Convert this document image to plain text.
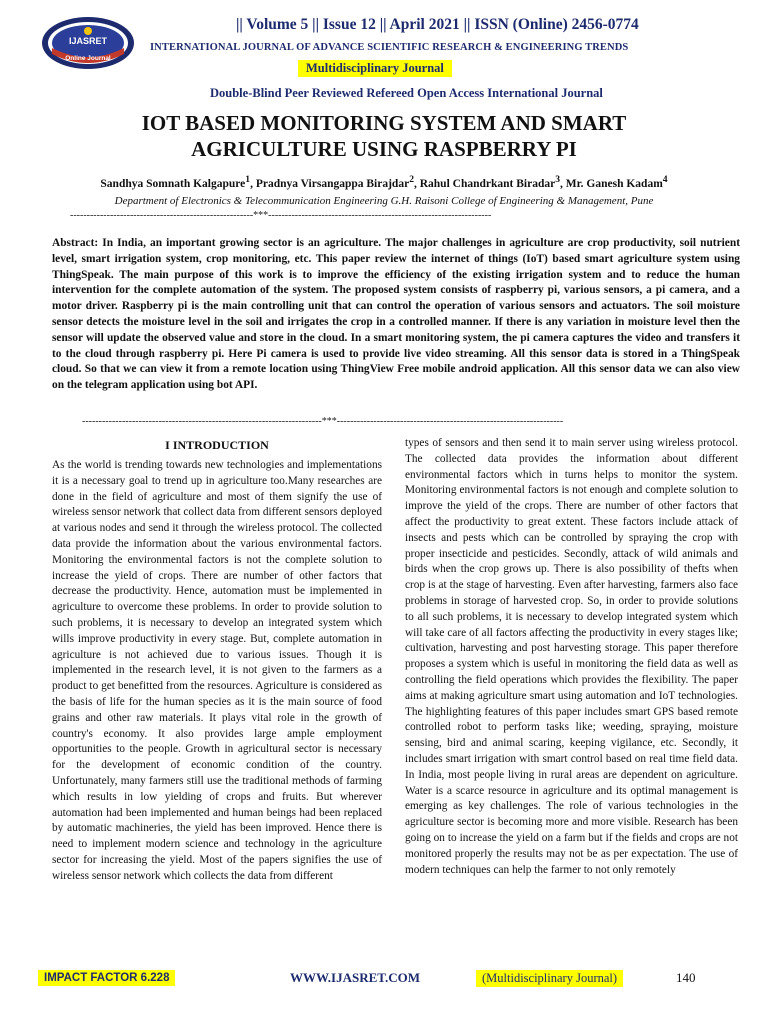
IJASRET
Online Journal
|| Volume 5 || Issue 12 || April 2021 || ISSN (Online) 2456-0774
INTERNATIONAL JOURNAL OF ADVANCE SCIENTIFIC RESEARCH & ENGINEERING TRENDS
Multidisciplinary Journal
Double-Blind Peer Reviewed Refereed Open Access International Journal
IOT BASED MONITORING SYSTEM AND SMART
AGRICULTURE USING RASPBERRY PI
Sandhya Somnath Kalgapure$^1$, Pradnya Virsangappa Birajdar$^2$, Rahul Chandrkant Biradar$^3$, Mr. Ganesh Kadam$^4$
Department of Electronics & Telecommunication Engineering G.H. Raisoni College of Engineering & Management, Pune
-------------------------------------------------------***-------------------------------------------------------------------
Abstract: In India, an important growing sector is an agriculture. The major challenges in agriculture are crop productivity, soil nutrient level, smart irrigation system, crop monitoring, etc. This paper review the internet of things (IoT) based smart agriculture system using ThingSpeak. The main purpose of this work is to improve the efficiency of the existing irrigation system and to reduce the human intervention for the complete automation of the system. The proposed system consists of raspberry pi, various sensors, a pi camera, and a motor driver. Raspberry pi is the main controlling unit that can control the operation of various sensors and actuators. The soil moisture sensor detects the moisture level in the soil and irrigates the crop in a controlled manner. If there is any variation in moisture level then the sensor will update the observed value and store in the cloud. In a smart monitoring system, the pi camera captures the video and transfers it to the cloud through raspberry pi. Here Pi camera is used to provide live video streaming. All this sensor data is stored in a ThingSpeak cloud. So that we can view it from a remote location using ThingView Free mobile android application. All this sensor data we can also view on the telegram application using bot API.
------------------------------------------------------------------------***--------------------------------------------------------------------
I INTRODUCTION

As the world is trending towards new technologies and implementations it is a necessary goal to trend up in agriculture too.Many researches are done in the field of agriculture and most of them signify the use of wireless sensor network that collect data from different sensors deployed at various nodes and send it through the wireless protocol. The collected data provide the information about the various environmental factors. Monitoring the environmental factors is not the complete solution to increase the yield of crops. There are number of other factors that decrease the productivity. Hence, automation must be implemented in agriculture to overcome these problems. In order to provide solution to such problems, it is necessary to develop an integrated system which wills improve productivity in every stage. But, complete automation in agriculture is not achieved due to various issues. Though it is implemented in the research level, it is not given to the farmers as a product to get benefitted from the resources. Agriculture is considered as the basis of life for the human species as it is the main source of food grains and other raw materials. It plays vital role in the growth of country's economy. It also provides large ample employment opportunities to the people. Growth in agricultural sector is necessary for the development of economic condition of the country. Unfortunately, many farmers still use the traditional methods of farming which results in low yielding of crops and fruits. But wherever automation had been implemented and human beings had been replaced by automatic machineries, the yield has been improved. Hence there is need to implement modern science and technology in the agriculture sector for increasing the yield. Most of the papers signifies the use of wireless sensor network which collects the data from different

types of sensors and then send it to main server using wireless protocol. The collected data provides the information about different environmental factors which in turns helps to monitor the system. Monitoring environmental factors is not enough and complete solution to improve the yield of the crops. There are number of other factors that affect the productivity to great extent. These factors include attack of insects and pests which can be controlled by spraying the crop with proper insecticide and pesticides. Secondly, attack of wild animals and birds when the crop grows up. There is also possibility of thefts when crop is at the stage of harvesting. Even after harvesting, farmers also face problems in storage of harvested crop. So, in order to provide solutions to all such problems, it is necessary to develop integrated system which will take care of all factors affecting the productivity in every stages like; cultivation, harvesting and post harvesting storage. This paper therefore proposes a system which is useful in monitoring the field data as well as controlling the field operations which provides the flexibility. The paper aims at making agriculture smart using automation and IoT technologies. The highlighting features of this paper includes smart GPS based remote controlled robot to perform tasks like; weeding, spraying, moisture sensing, bird and animal scaring, keeping vigilance, etc. Secondly, it includes smart irrigation with smart control based on real time field data. In India, most people living in rural areas are dependent on agriculture. Water is a scarce resource in agriculture and its optimal management is emerging as key challenges. The role of various technologies in the agriculture sector is becoming more and more visible. Research has been going on to increase the yield on a farm but if the fields and crops are not monitored properly the results may not be as per expectation. The use of modern techniques can help the farmer to not only remotely

IMPACT FACTOR 6.228	WWW.IJASRET.COM	(Multidisciplinary Journal)	140
